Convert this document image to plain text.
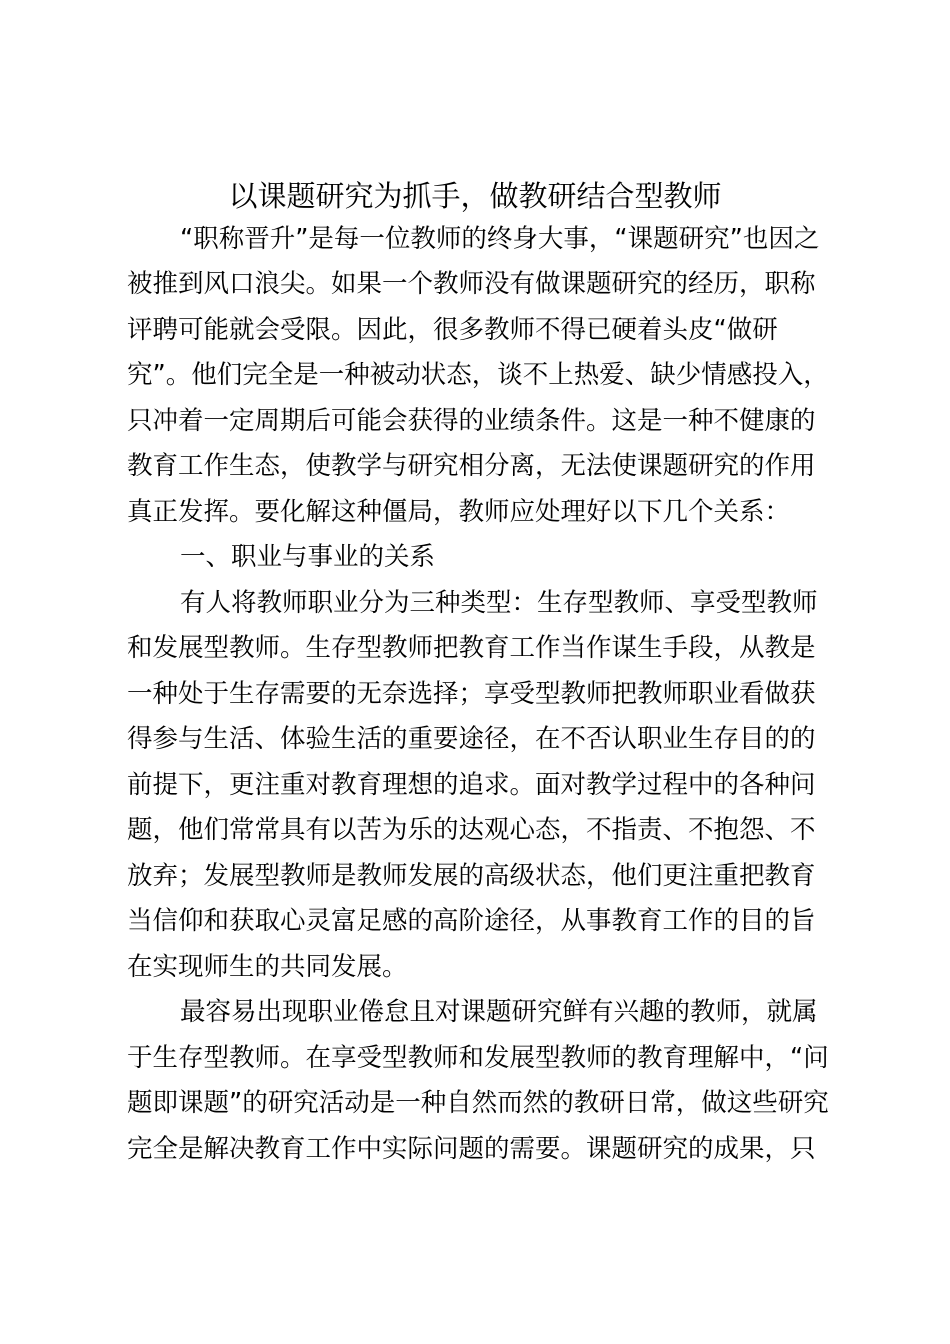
以课题研究为抓手，做教研结合型教师
“职称晋升”是每一位教师的终身大事，“课题研究”也因之
被推到风口浪尖。如果一个教师没有做课题研究的经历，职称
评聘可能就会受限。因此，很多教师不得已硬着头皮“做研
究”。他们完全是一种被动状态，谈不上热爱、缺少情感投入，
只冲着一定周期后可能会获得的业绩条件。这是一种不健康的
教育工作生态，使教学与研究相分离，无法使课题研究的作用
真正发挥。要化解这种僵局，教师应处理好以下几个关系：
一、职业与事业的关系
有人将教师职业分为三种类型：生存型教师、享受型教师
和发展型教师。生存型教师把教育工作当作谋生手段，从教是
一种处于生存需要的无奈选择；享受型教师把教师职业看做获
得参与生活、体验生活的重要途径，在不否认职业生存目的的
前提下，更注重对教育理想的追求。面对教学过程中的各种问
题，他们常常具有以苦为乐的达观心态，不指责、不抱怨、不
放弃；发展型教师是教师发展的高级状态，他们更注重把教育
当信仰和获取心灵富足感的高阶途径，从事教育工作的目的旨
在实现师生的共同发展。
最容易出现职业倦怠且对课题研究鲜有兴趣的教师，就属
于生存型教师。在享受型教师和发展型教师的教育理解中，“问
题即课题”的研究活动是一种自然而然的教研日常，做这些研究
完全是解决教育工作中实际问题的需要。课题研究的成果，只
